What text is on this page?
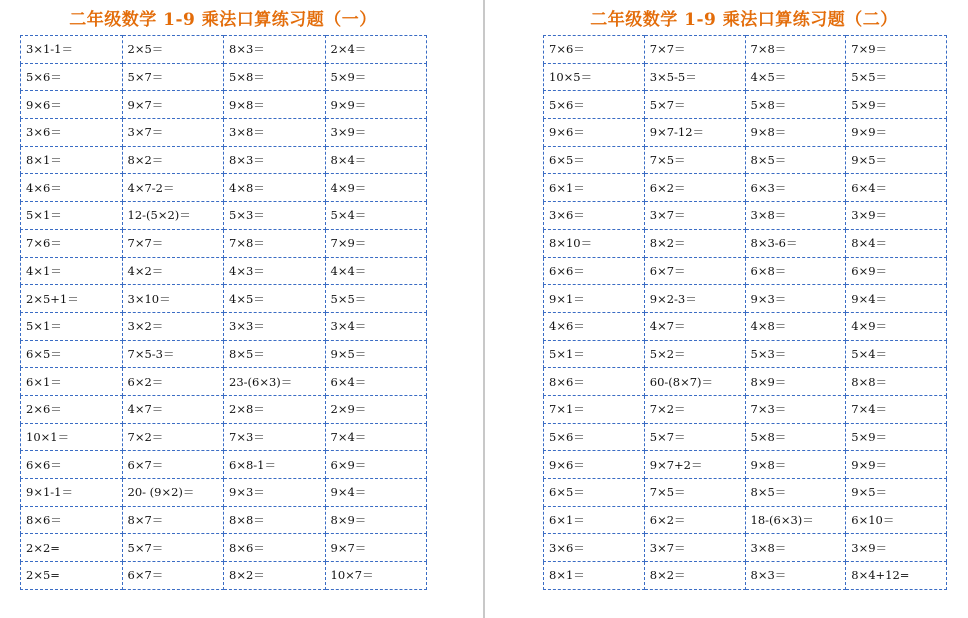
二年级数学 1-9 乘法口算练习题（一）
3×1-1＝	2×5＝	8×3＝	2×4＝
5×6＝	5×7＝	5×8＝	5×9＝
9×6＝	9×7＝	9×8＝	9×9＝
3×6＝	3×7＝	3×8＝	3×9＝
8×1＝	8×2＝	8×3＝	8×4＝
4×6＝	4×7-2＝	4×8＝	4×9＝
5×1＝	12-(5×2)＝	5×3＝	5×4＝
7×6＝	7×7＝	7×8＝	7×9＝
4×1＝	4×2＝	4×3＝	4×4＝
2×5+1＝	3×10＝	4×5＝	5×5＝
5×1＝	3×2＝	3×3＝	3×4＝
6×5＝	7×5-3＝	8×5＝	9×5＝
6×1＝	6×2＝	23-(6×3)＝	6×4＝
2×6＝	4×7＝	2×8＝	2×9＝
10×1＝	7×2＝	7×3＝	7×4＝
6×6＝	6×7＝	6×8-1＝	6×9＝
9×1-1＝	20- (9×2)＝	9×3＝	9×4＝
8×6＝	8×7＝	8×8＝	8×9＝
2×2=	5×7＝	8×6＝	9×7＝
2×5=	6×7＝	8×2＝	10×7＝
二年级数学 1-9 乘法口算练习题（二）
7×6＝	7×7＝	7×8＝	7×9＝
10×5＝	3×5-5＝	4×5＝	5×5＝
5×6＝	5×7＝	5×8＝	5×9＝
9×6＝	9×7-12＝	9×8＝	9×9＝
6×5＝	7×5＝	8×5＝	9×5＝
6×1＝	6×2＝	6×3＝	6×4＝
3×6＝	3×7＝	3×8＝	3×9＝
8×10＝	8×2＝	8×3-6＝	8×4＝
6×6＝	6×7＝	6×8＝	6×9＝
9×1＝	9×2-3＝	9×3＝	9×4＝
4×6＝	4×7＝	4×8＝	4×9＝
5×1＝	5×2＝	5×3＝	5×4＝
8×6＝	60-(8×7)＝	8×9＝	8×8＝
7×1＝	7×2＝	7×3＝	7×4＝
5×6＝	5×7＝	5×8＝	5×9＝
9×6＝	9×7+2＝	9×8＝	9×9＝
6×5＝	7×5＝	8×5＝	9×5＝
6×1＝	6×2＝	18-(6×3)＝	6×10＝
3×6＝	3×7＝	3×8＝	3×9＝
8×1＝	8×2＝	8×3＝	8×4+12=
